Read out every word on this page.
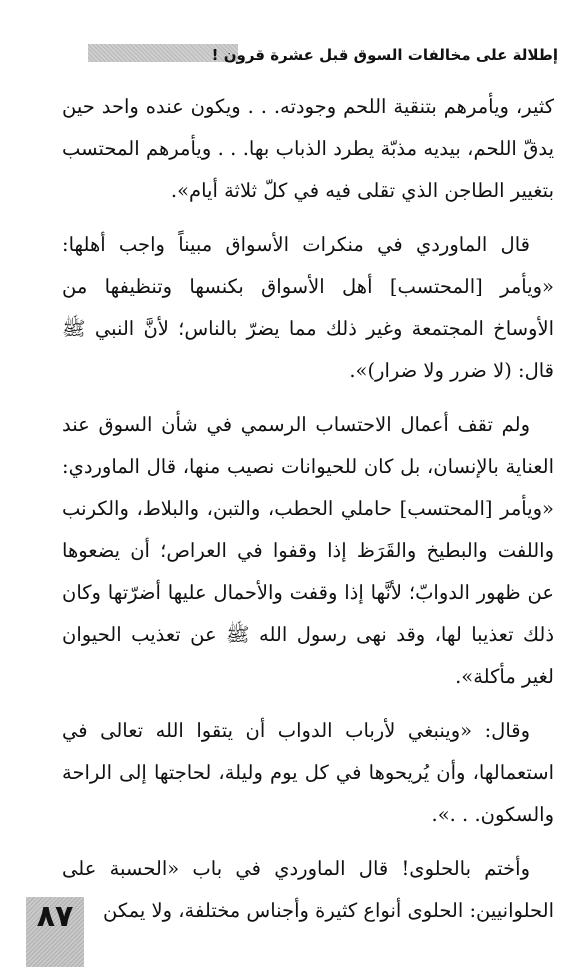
إطلالة على مخالفات السوق قبل عشرة قرون !

كثير، ويأمرهم بتنقية اللحم وجودته. . . ويكون عنده واحد حين يدقّ اللحم، بيديه مذبّة يطرد الذباب بها. . . ويأمرهم المحتسب بتغيير الطاجن الذي تقلى فيه في كلّ ثلاثة أيام».

قال الماوردي في منكرات الأسواق مبيناً واجب أهلها: «ويأمر [المحتسب] أهل الأسواق بكنسها وتنظيفها من الأوساخ المجتمعة وغير ذلك مما يضرّ بالناس؛ لأنَّ النبي ﷺ قال: (لا ضرر ولا ضرار)».

ولم تقف أعمال الاحتساب الرسمي في شأن السوق عند العناية بالإنسان، بل كان للحيوانات نصيب منها، قال الماوردي: «ويأمر [المحتسب] حاملي الحطب، والتبن، والبلاط، والكرنب واللفت والبطيخ والقَرَظ إذا وقفوا في العراص؛ أن يضعوها عن ظهور الدوابّ؛ لأنَّها إذا وقفت والأحمال عليها أضرّتها وكان ذلك تعذيبا لها، وقد نهى رسول الله ﷺ عن تعذيب الحيوان لغير مأكلة».

وقال: «وينبغي لأرباب الدواب أن يتقوا الله تعالى في استعمالها، وأن يُريحوها في كل يوم وليلة، لحاجتها إلى الراحة والسكون. . .».

وأختم بالحلوى! قال الماوردي في باب «الحسبة على الحلوانيين: الحلوى أنواع كثيرة وأجناس مختلفة، ولا يمكن

٨٧
